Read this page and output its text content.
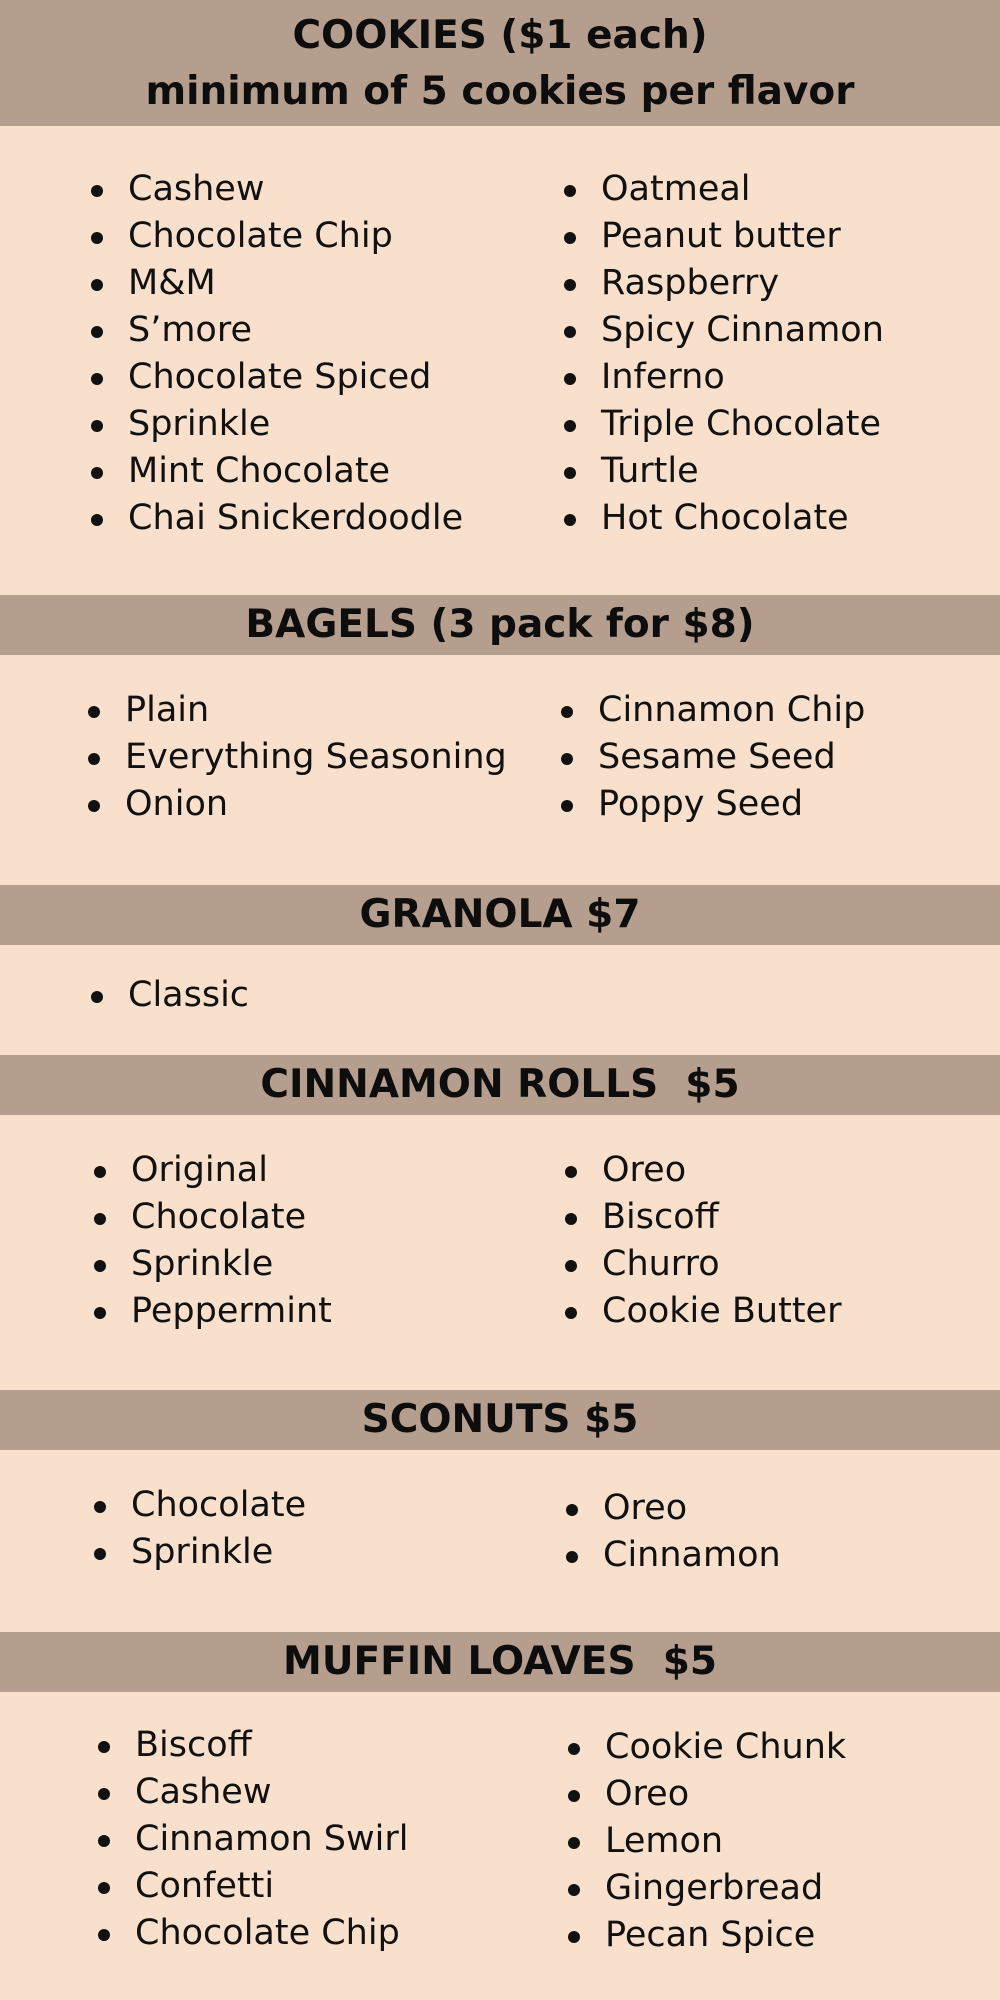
COOKIES ($1 each)
minimum of 5 cookies per flavor
Cashew
Chocolate Chip
M&M
S’more
Chocolate Spiced
Sprinkle
Mint Chocolate
Chai Snickerdoodle
Oatmeal
Peanut butter
Raspberry
Spicy Cinnamon
Inferno
Triple Chocolate
Turtle
Hot Chocolate
BAGELS (3 pack for $8)
Plain
Everything Seasoning
Onion
Cinnamon Chip
Sesame Seed
Poppy Seed
GRANOLA $7
Classic
CINNAMON ROLLS  $5
Original
Chocolate
Sprinkle
Peppermint
Oreo
Biscoff
Churro
Cookie Butter
SCONUTS $5
Chocolate
Sprinkle
Oreo
Cinnamon
MUFFIN LOAVES  $5
Biscoff
Cashew
Cinnamon Swirl
Confetti
Chocolate Chip
Cookie Chunk
Oreo
Lemon
Gingerbread
Pecan Spice
